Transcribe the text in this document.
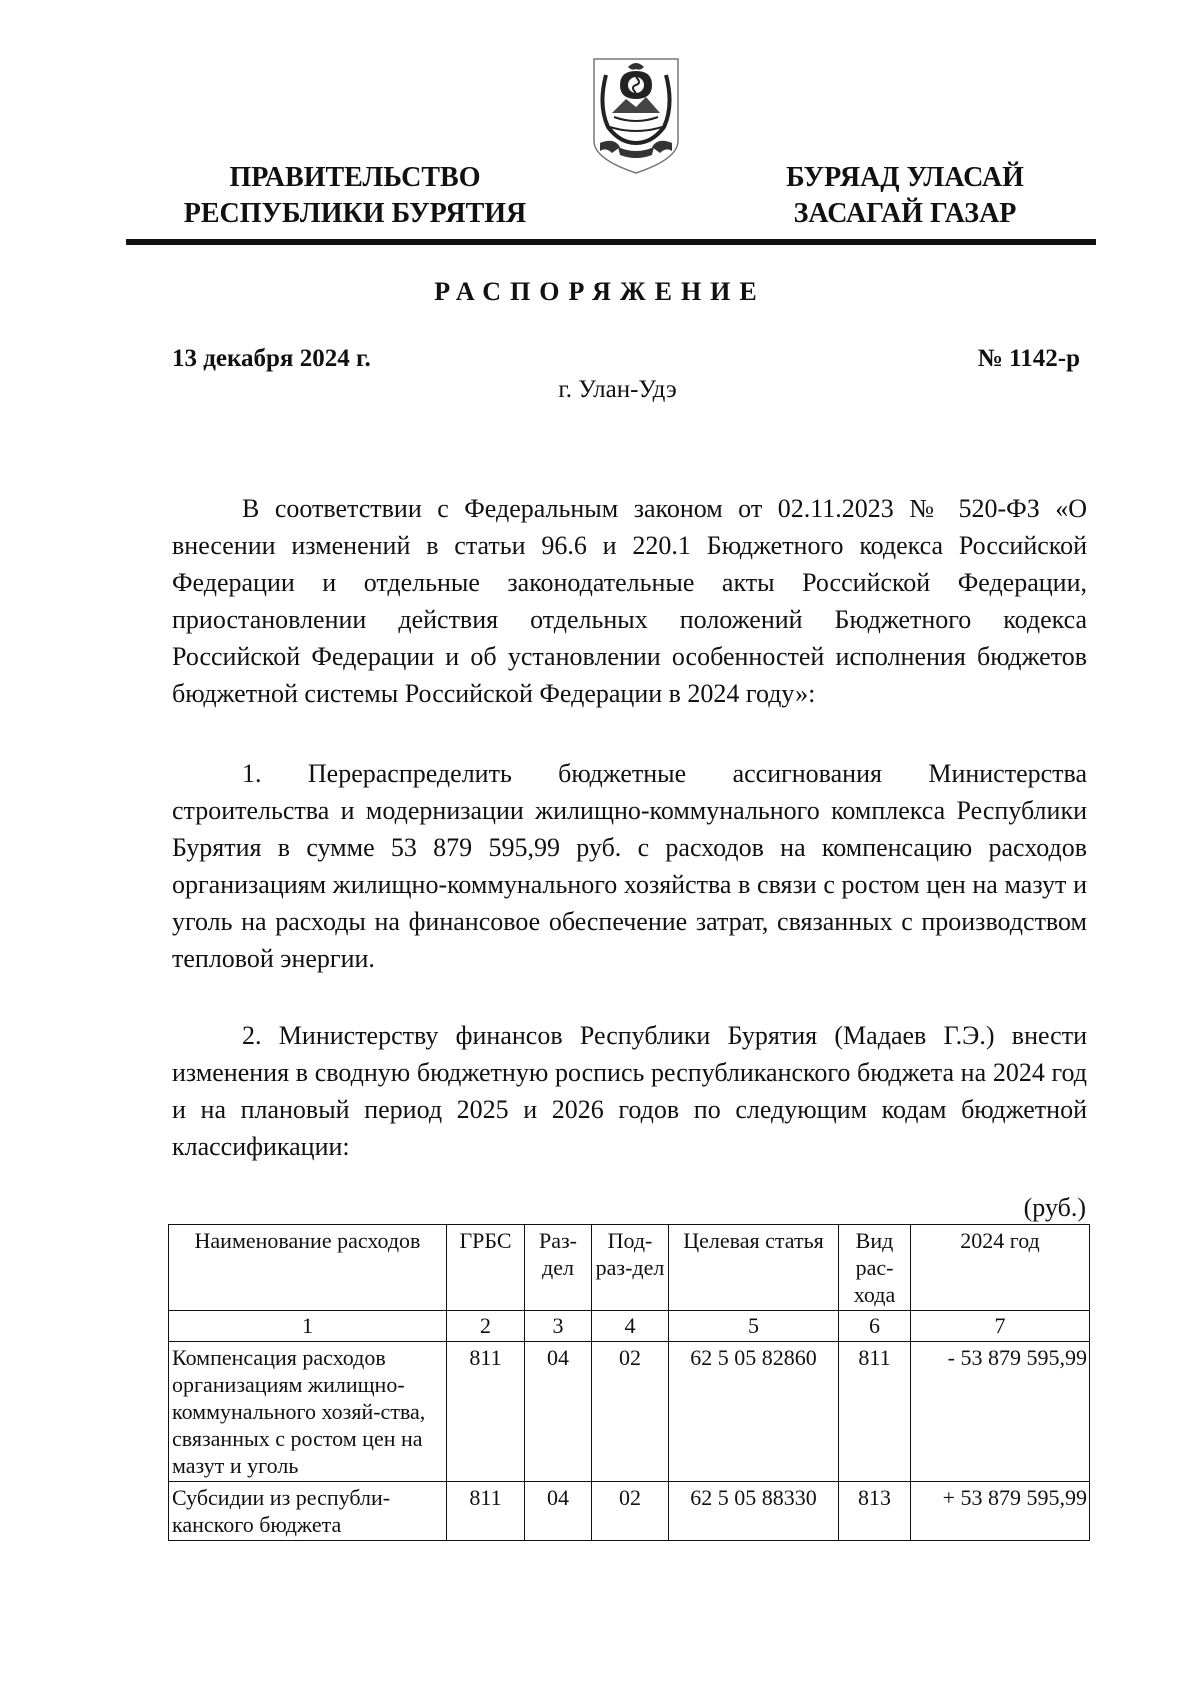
ПРАВИТЕЛЬСТВО
РЕСПУБЛИКИ БУРЯТИЯ
БУРЯАД УЛАСАЙ
ЗАСАГАЙ ГАЗАР
РАСПОРЯЖЕНИЕ
13 декабря 2024 г.	№ 1142-р
г. Улан-Удэ

В соответствии с Федеральным законом от 02.11.2023 № 520-ФЗ «О внесении изменений в статьи 96.6 и 220.1 Бюджетного кодекса Российской Федерации и отдельные законодательные акты Российской Федерации, приостановлении действия отдельных положений Бюджетного кодекса Российской Федерации и об установлении особенностей исполнения бюджетов бюджетной системы Российской Федерации в 2024 году»:

1. Перераспределить бюджетные ассигнования Министерства строительства и модернизации жилищно-коммунального комплекса Республики Бурятия в сумме 53 879 595,99 руб. с расходов на компенсацию расходов организациям жилищно-коммунального хозяйства в связи с ростом цен на мазут и уголь на расходы на финансовое обеспечение затрат, связанных с производством тепловой энергии.

2. Министерству финансов Республики Бурятия (Мадаев Г.Э.) внести изменения в сводную бюджетную роспись республиканского бюджета на 2024 год и на плановый период 2025 и 2026 годов по следующим кодам бюджетной классификации:

(руб.)
Наименование расходов	ГРБС	Раз-дел	Под-раз-дел	Целевая статья	Вид рас-хода	2024 год
1	2	3	4	5	6	7
Компенсация расходов организациям жилищно-коммунального хозяй-ства, связанных с ростом цен на мазут и уголь	811	04	02	62 5 05 82860	811	- 53 879 595,99
Субсидии из республи-канского бюджета	811	04	02	62 5 05 88330	813	+ 53 879 595,99
